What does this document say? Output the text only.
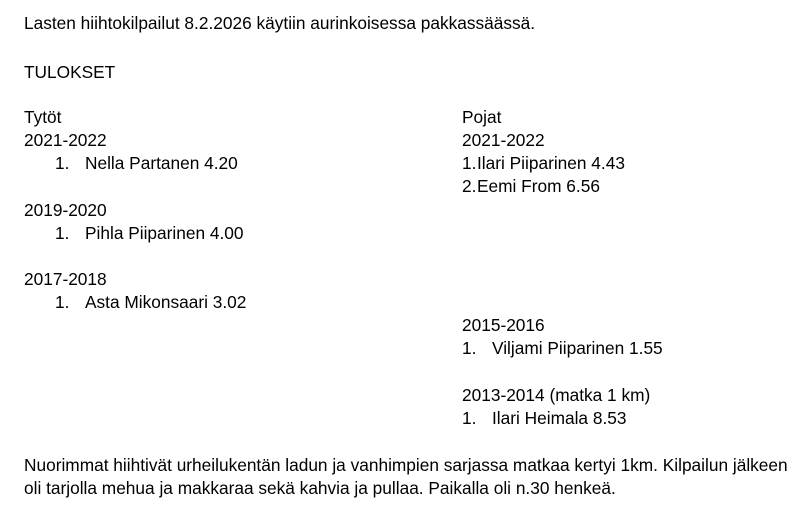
Lasten hiihtokilpailut 8.2.2026 käytiin aurinkoisessa pakkassäässä.
TULOKSET
Tytöt
2021-2022
1. Nella Partanen 4.20
2019-2020
1. Pihla Piiparinen 4.00
2017-2018
1. Asta Mikonsaari 3.02
Pojat
2021-2022
1.Ilari Piiparinen 4.43
2.Eemi From 6.56
2015-2016
1. Viljami Piiparinen 1.55
2013-2014 (matka 1 km)
1. Ilari Heimala 8.53
Nuorimmat hiihtivät urheilukentän ladun ja vanhimpien sarjassa matkaa kertyi 1km. Kilpailun jälkeen oli tarjolla mehua ja makkaraa sekä kahvia ja pullaa. Paikalla oli n.30 henkeä.
